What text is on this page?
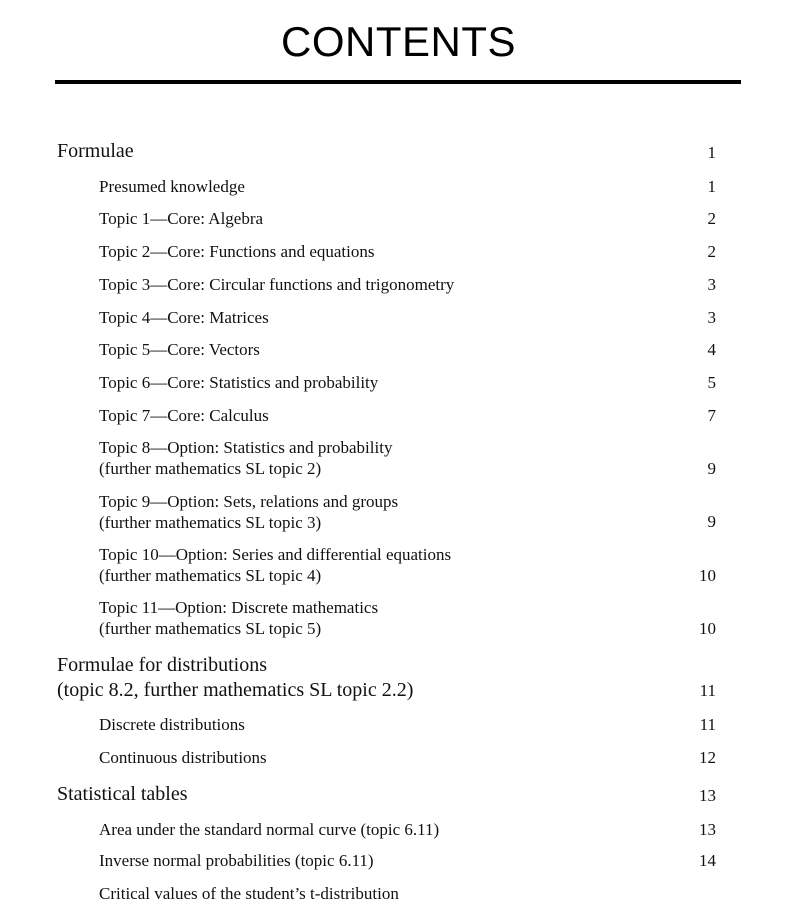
CONTENTS
Formulae	1
Presumed knowledge	1
Topic 1—Core: Algebra	2
Topic 2—Core: Functions and equations	2
Topic 3—Core: Circular functions and trigonometry	3
Topic 4—Core: Matrices	3
Topic 5—Core: Vectors	4
Topic 6—Core: Statistics and probability	5
Topic 7—Core: Calculus	7
Topic 8—Option: Statistics and probability
(further mathematics SL topic 2)	9
Topic 9—Option: Sets, relations and groups
(further mathematics SL topic 3)	9
Topic 10—Option: Series and differential equations
(further mathematics SL topic 4)	10
Topic 11—Option: Discrete mathematics
(further mathematics SL topic 5)	10
Formulae for distributions
(topic 8.2, further mathematics SL topic 2.2)	11
Discrete distributions	11
Continuous distributions	12
Statistical tables	13
Area under the standard normal curve (topic 6.11)	13
Inverse normal probabilities (topic 6.11)	14
Critical values of the student’s t-distribution
